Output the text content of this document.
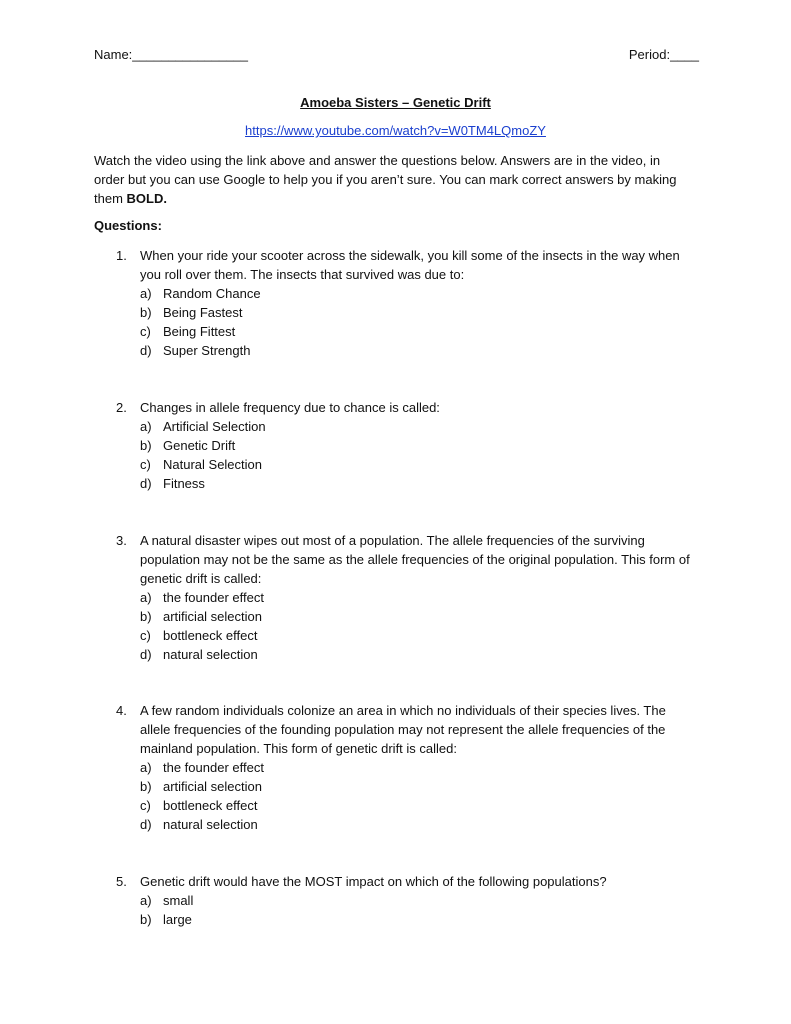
Name:________________	Period:____
Amoeba Sisters – Genetic Drift
https://www.youtube.com/watch?v=W0TM4LQmoZY
Watch the video using the link above and answer the questions below. Answers are in the video, in order but you can use Google to help you if you aren’t sure. You can mark correct answers by making them BOLD.
Questions:
1.	When your ride your scooter across the sidewalk, you kill some of the insects in the way when you roll over them. The insects that survived was due to:
a) Random Chance
b) Being Fastest
c) Being Fittest
d) Super Strength
2.	Changes in allele frequency due to chance is called:
a) Artificial Selection
b) Genetic Drift
c) Natural Selection
d) Fitness
3.	A natural disaster wipes out most of a population. The allele frequencies of the surviving population may not be the same as the allele frequencies of the original population. This form of genetic drift is called:
a) the founder effect
b) artificial selection
c) bottleneck effect
d) natural selection
4.	A few random individuals colonize an area in which no individuals of their species lives. The allele frequencies of the founding population may not represent the allele frequencies of the mainland population. This form of genetic drift is called:
a) the founder effect
b) artificial selection
c) bottleneck effect
d) natural selection
5.	Genetic drift would have the MOST impact on which of the following populations?
a) small
b) large
